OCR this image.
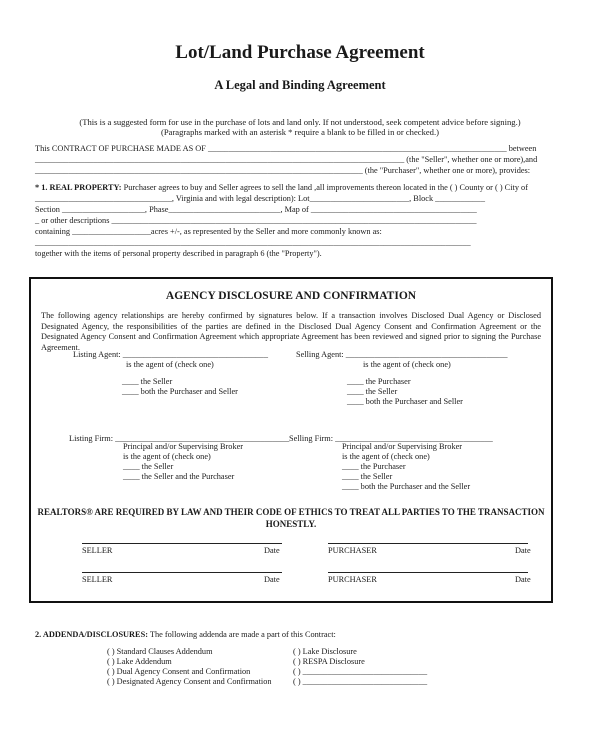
Lot/Land Purchase Agreement
A Legal and Binding Agreement
(This is a suggested form for use in the purchase of lots and land only. If not understood, seek competent advice before signing.)
(Paragraphs marked with an asterisk * require a blank to be filled in or checked.)
This CONTRACT OF PURCHASE MADE AS OF ________________________________________________________________________ between
_________________________________________________________________________________________ (the "Seller", whether one or more),and
_______________________________________________________________________________ (the "Purchaser", whether one or more), provides:
* 1. REAL PROPERTY: Purchaser agrees to buy and Seller agrees to sell the land ,all improvements thereon located in the ( ) County or ( ) City of
_________________________________, Virginia and with legal description): Lot________________________, Block ____________
Section ____________________, Phase___________________________, Map of ________________________________________
_ or other descriptions ________________________________________________________________________________________
containing ___________________acres +/-, as represented by the Seller and more commonly known as:
_________________________________________________________________________________________________________
together with the items of personal property described in paragraph 6 (the "Property").
AGENCY DISCLOSURE AND CONFIRMATION
The following agency relationships are hereby confirmed by signatures below. If a transaction involves Disclosed Dual Agency or Disclosed Designated Agency, the responsibilities of the parties are defined in the Disclosed Dual Agency Consent and Confirmation Agreement or the Designated Agency Consent and Confirmation Agreement which appropriate Agreement has been reviewed and signed prior to signing the Purchase Agreement.
Listing Agent: ___________________________________
is the agent of (check one)
____ the Seller
____ both the Purchaser and Seller
Selling Agent: _______________________________________
is the agent of (check one)
____ the Purchaser
____ the Seller
____ both the Purchaser and Seller
Listing Firm: __________________________________________
Principal and/or Supervising Broker
is the agent of (check one)
____ the Seller
____ the Seller and the Purchaser
Selling Firm: ______________________________________
Principal and/or Supervising Broker
is the agent of (check one)
____ the Purchaser
____ the Seller
____ both the Purchaser and the Seller
REALTORS® ARE REQUIRED BY LAW AND THEIR CODE OF ETHICS TO TREAT ALL PARTIES TO THE TRANSACTION HONESTLY.
SELLER	Date	PURCHASER	Date
SELLER	Date	PURCHASER	Date
2. ADDENDA/DISCLOSURES: The following addenda are made a part of this Contract:
( ) Standard Clauses Addendum
( ) Lake Addendum
( ) Dual Agency Consent and Confirmation
( ) Designated Agency Consent and Confirmation
( ) Lake Disclosure
( ) RESPA Disclosure
( ) ______________________________
( ) ______________________________
